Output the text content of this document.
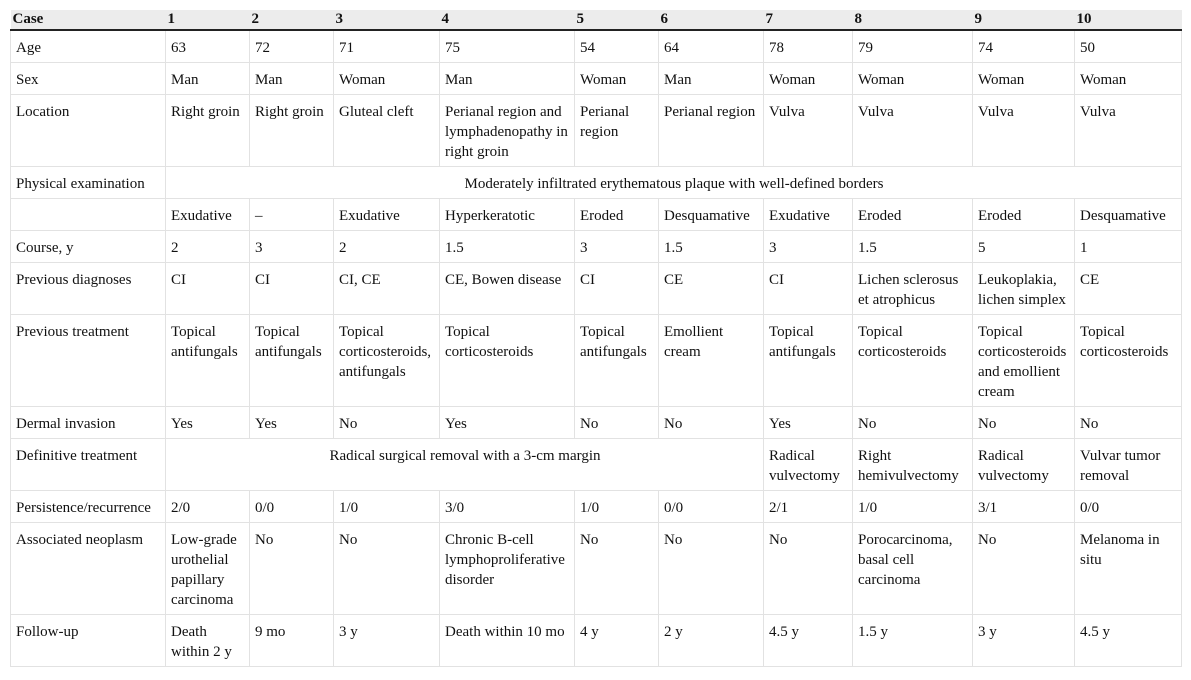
Case	1	2	3	4	5	6	7	8	9	10
Age	63	72	71	75	54	64	78	79	74	50
Sex	Man	Man	Woman	Man	Woman	Man	Woman	Woman	Woman	Woman
Location	Right groin	Right groin	Gluteal cleft	Perianal region and lymphadenopathy in right groin	Perianal region	Perianal region	Vulva	Vulva	Vulva	Vulva
Physical examination	Moderately infiltrated erythematous plaque with well-defined borders									
	Exudative	–	Exudative	Hyperkeratotic	Eroded	Desquamative	Exudative	Eroded	Eroded	Desquamative
Course, y	2	3	2	1.5	3	1.5	3	1.5	5	1
Previous diagnoses	CI	CI	CI, CE	CE, Bowen disease	CI	CE	CI	Lichen sclerosus et atrophicus	Leukoplakia, lichen simplex	CE
Previous treatment	Topical antifungals	Topical antifungals	Topical corticosteroids, antifungals	Topical corticosteroids	Topical antifungals	Emollient cream	Topical antifungals	Topical corticosteroids	Topical corticosteroids and emollient cream	Topical corticosteroids
Dermal invasion	Yes	Yes	No	Yes	No	No	Yes	No	No	No
Definitive treatment	Radical surgical removal with a 3-cm margin						Radical vulvectomy	Right hemivulvectomy	Radical vulvectomy	Vulvar tumor removal
Persistence/recurrence	2/0	0/0	1/0	3/0	1/0	0/0	2/1	1/0	3/1	0/0
Associated neoplasm	Low-grade urothelial papillary carcinoma	No	No	Chronic B-cell lymphoproliferative disorder	No	No	No	Porocarcinoma, basal cell carcinoma	No	Melanoma in situ
Follow-up	Death within 2 y	9 mo	3 y	Death within 10 mo	4 y	2 y	4.5 y	1.5 y	3 y	4.5 y
